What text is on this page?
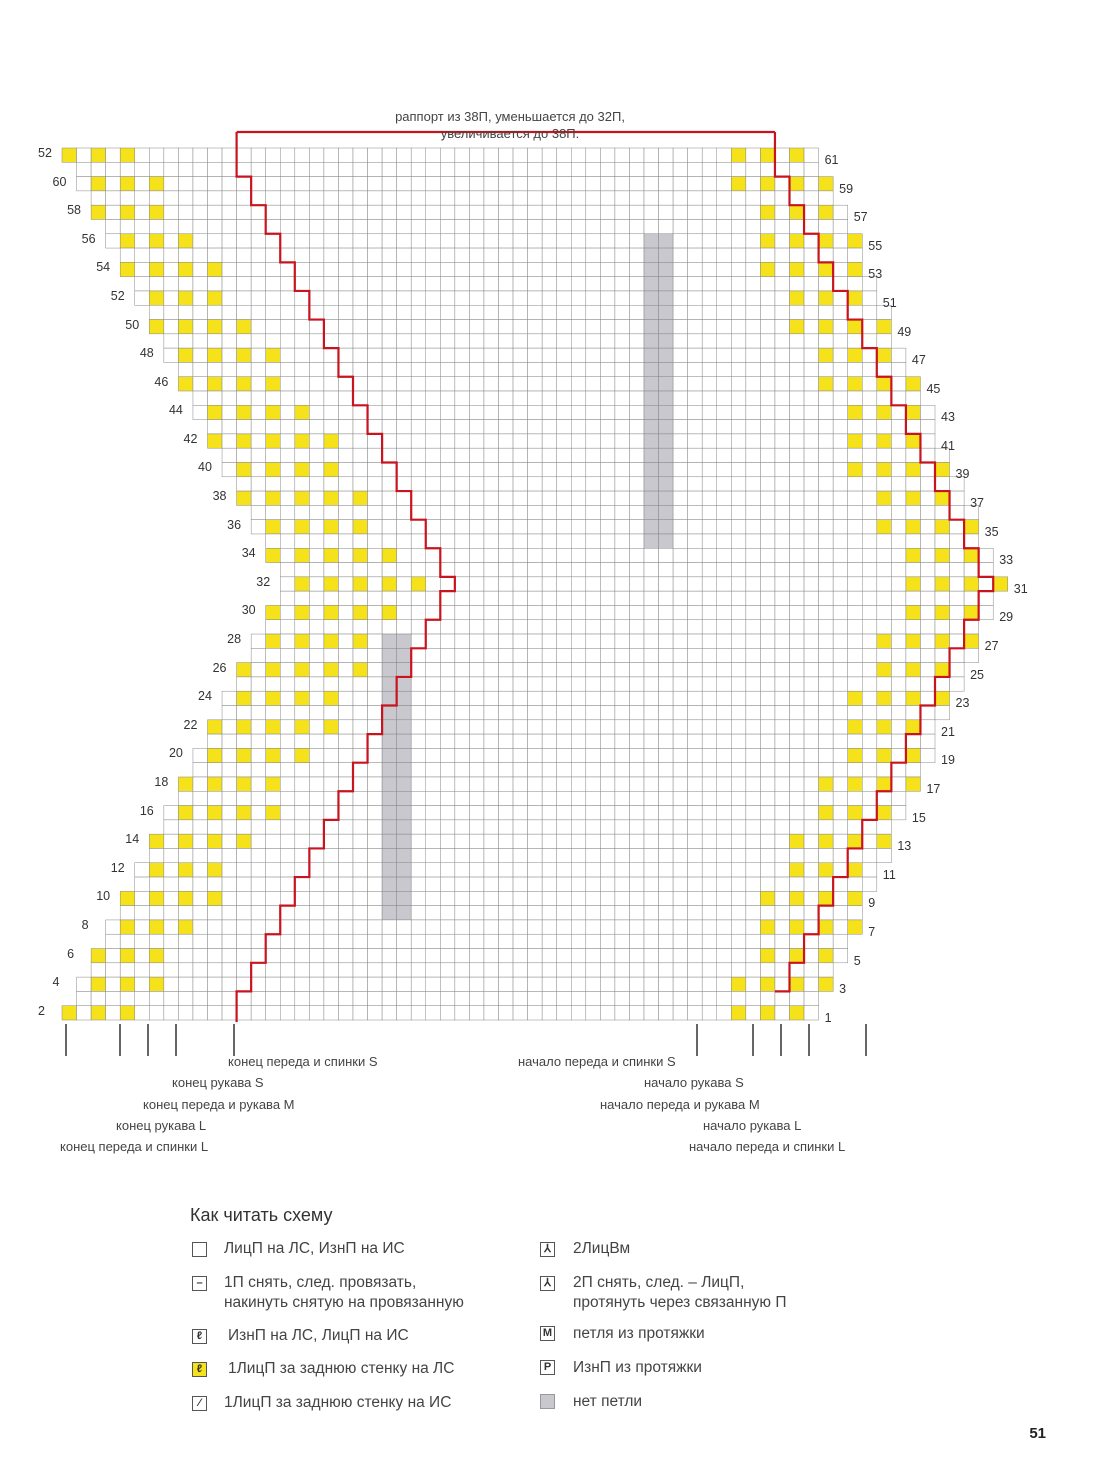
раппорт из 38П, уменьшается до 32П,
увеличивается до 38П.
52
60
58
56
54
52
50
48
46
44
42
40
38
36
34
32
30
28
26
24
22
20
18
16
14
12
10
8
6
4
2
61
59
57
55
53
51
49
47
45
43
41
39
37
35
33
31
29
27
25
23
21
19
17
15
13
11
9
7
5
3
1
конец переда и спинки S
конец рукава S
конец переда и рукава M
конец рукава L
конец переда и спинки L
начало переда и спинки S
начало рукава S
начало переда и рукава M
начало рукава L
начало переда и спинки L
Как читать схему
ЛицП на ЛС, ИзнП на ИС
– 1П снять, след. провязать,
накинуть снятую на провязанную
ℓ	ИзнП на ЛС, ЛицП на ИС
ℓ	1ЛицП за заднюю стенку на ЛС
⁄	1ЛицП за заднюю стенку на ИС
⅄ 2ЛицВм
⅄ 2П снять, след. – ЛицП,
протянуть через связанную П
M петля из протяжки
P ИзнП из протяжки
нет петли
51
